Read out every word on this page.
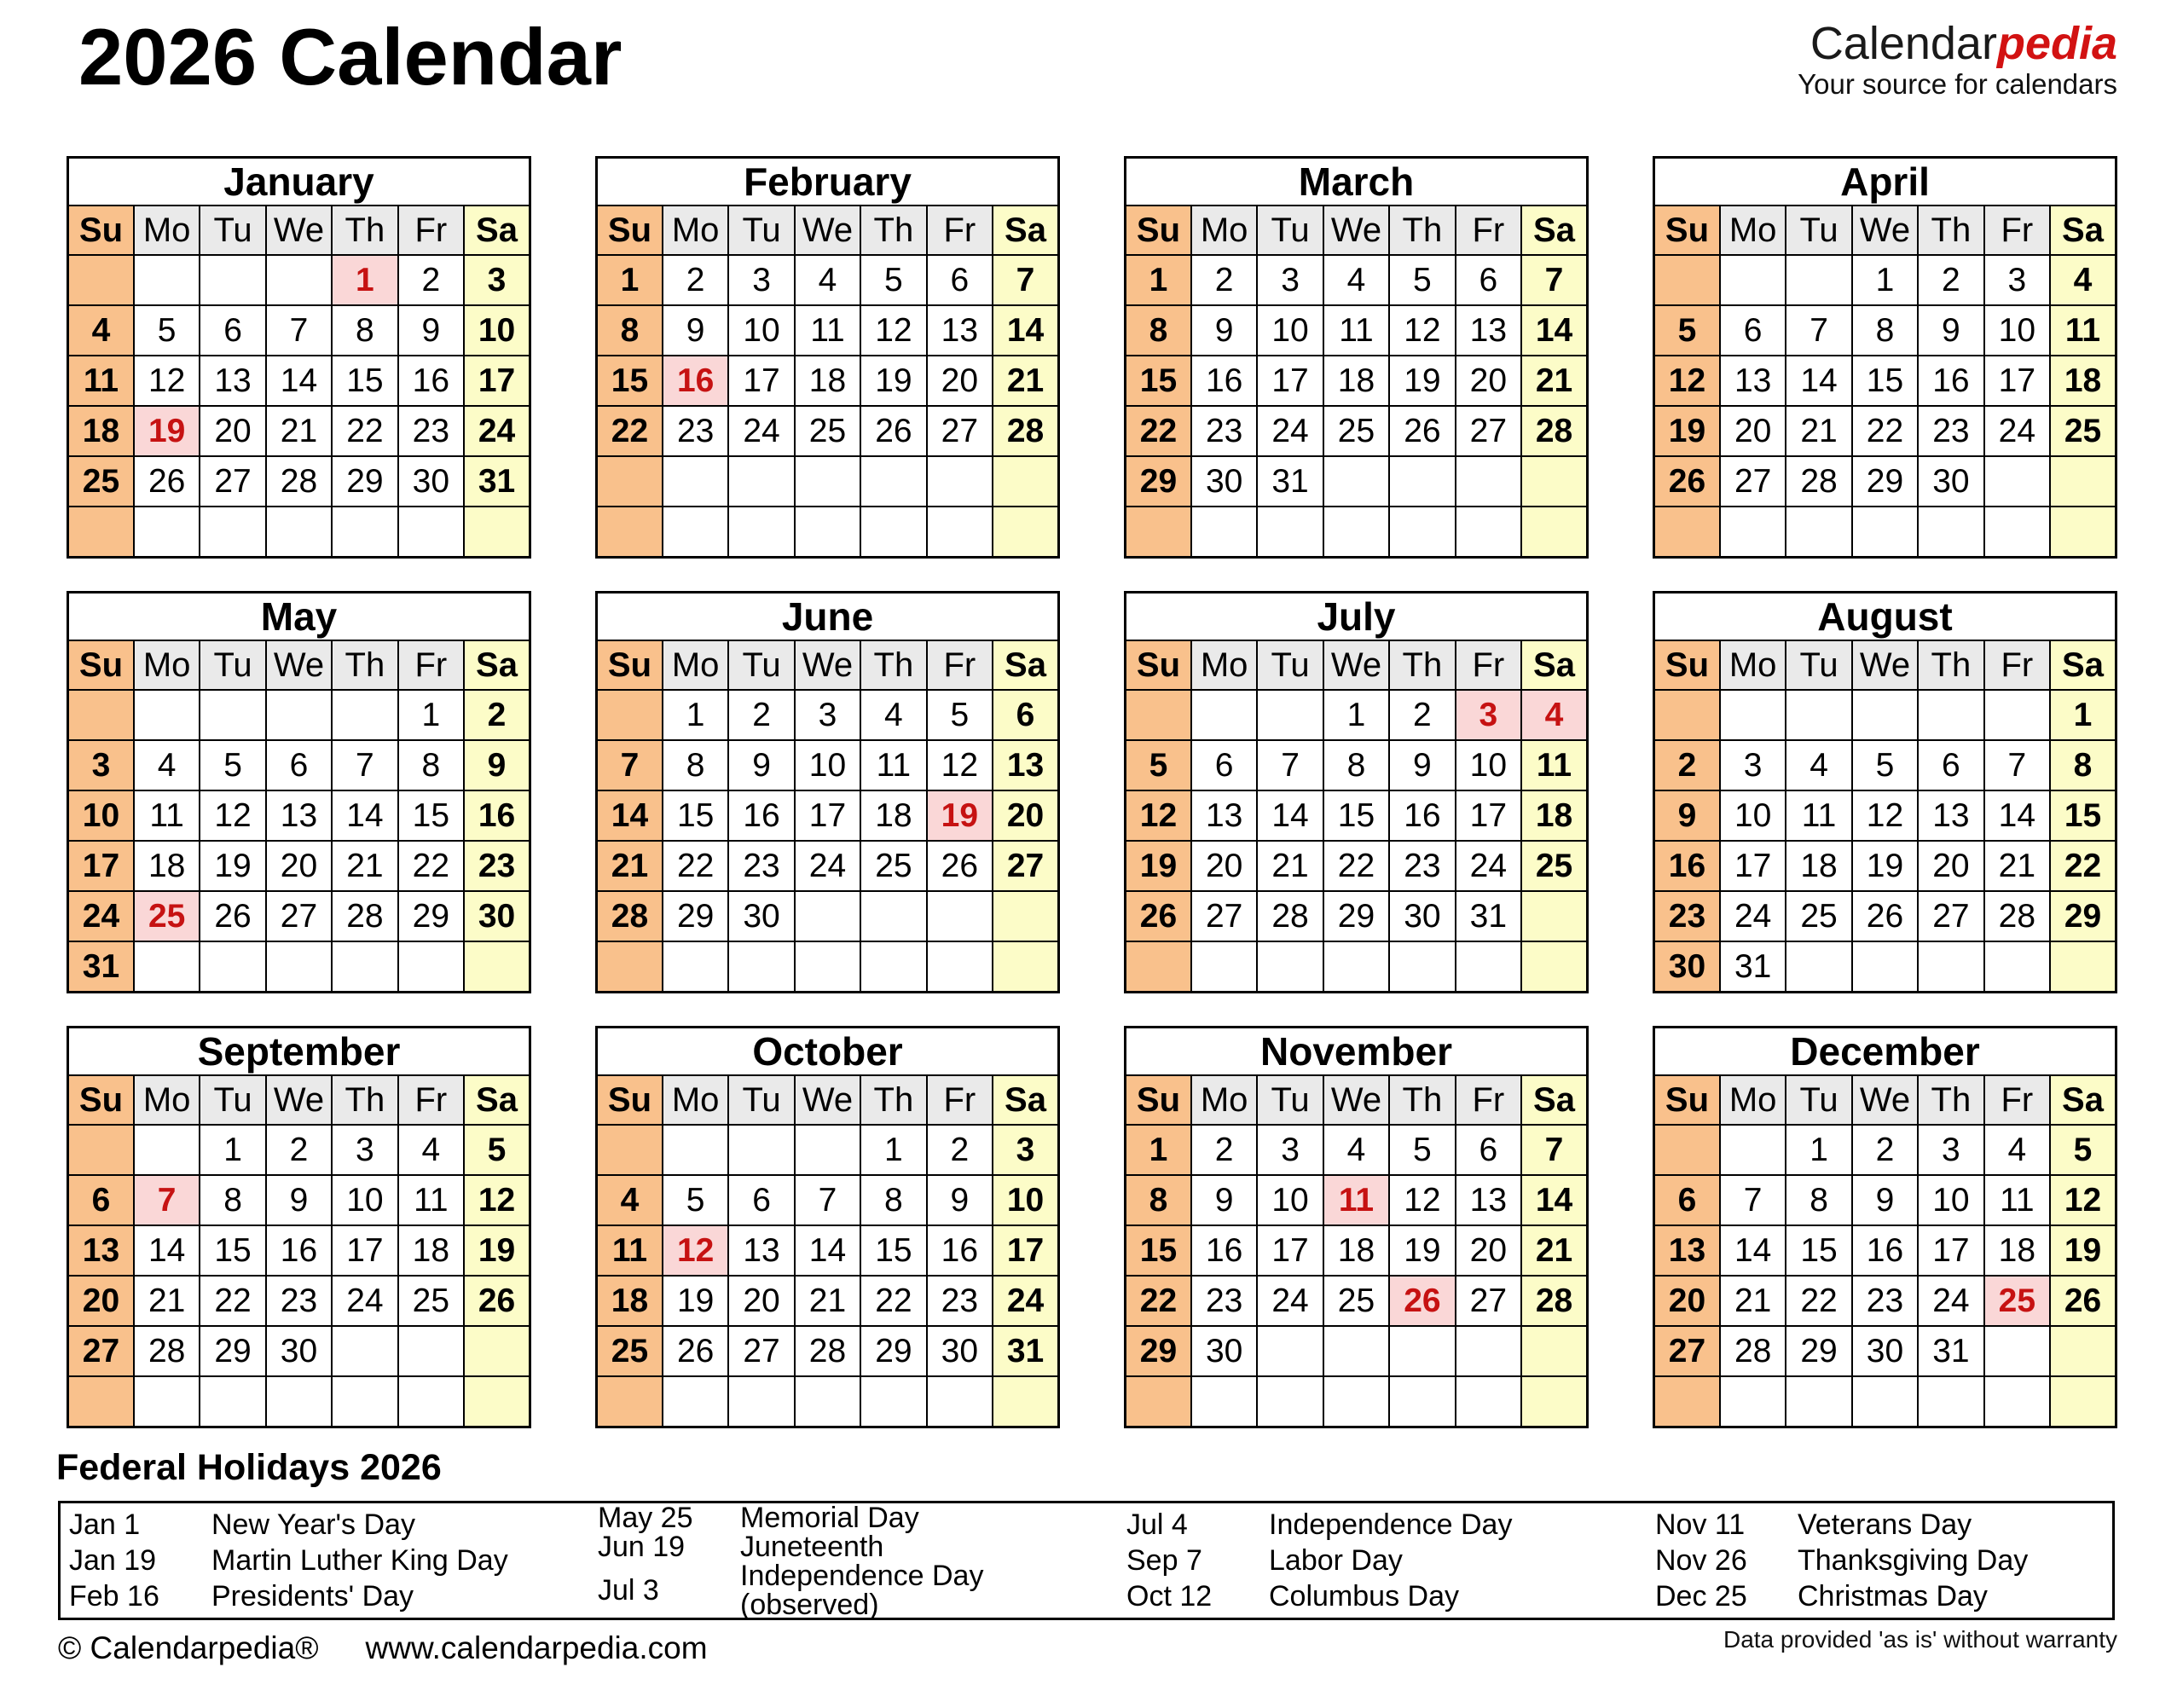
2026 Calendar	Calendarpedia
Your source for calendars
January						
Su	Mo	Tu	We	Th	Fr	Sa
				1	2	3
4	5	6	7	8	9	10
11	12	13	14	15	16	17
18	19	20	21	22	23	24
25	26	27	28	29	30	31

February						
Su	Mo	Tu	We	Th	Fr	Sa
1	2	3	4	5	6	7
8	9	10	11	12	13	14
15	16	17	18	19	20	21
22	23	24	25	26	27	28

March						
Su	Mo	Tu	We	Th	Fr	Sa
1	2	3	4	5	6	7
8	9	10	11	12	13	14
15	16	17	18	19	20	21
22	23	24	25	26	27	28
29	30	31				

April						
Su	Mo	Tu	We	Th	Fr	Sa
			1	2	3	4
5	6	7	8	9	10	11
12	13	14	15	16	17	18
19	20	21	22	23	24	25
26	27	28	29	30		

May						
Su	Mo	Tu	We	Th	Fr	Sa
					1	2
3	4	5	6	7	8	9
10	11	12	13	14	15	16
17	18	19	20	21	22	23
24	25	26	27	28	29	30
31						
June						
Su	Mo	Tu	We	Th	Fr	Sa
	1	2	3	4	5	6
7	8	9	10	11	12	13
14	15	16	17	18	19	20
21	22	23	24	25	26	27
28	29	30				

July						
Su	Mo	Tu	We	Th	Fr	Sa
			1	2	3	4
5	6	7	8	9	10	11
12	13	14	15	16	17	18
19	20	21	22	23	24	25
26	27	28	29	30	31	

August						
Su	Mo	Tu	We	Th	Fr	Sa
						1
2	3	4	5	6	7	8
9	10	11	12	13	14	15
16	17	18	19	20	21	22
23	24	25	26	27	28	29
30	31					
September						
Su	Mo	Tu	We	Th	Fr	Sa
		1	2	3	4	5
6	7	8	9	10	11	12
13	14	15	16	17	18	19
20	21	22	23	24	25	26
27	28	29	30			

October						
Su	Mo	Tu	We	Th	Fr	Sa
				1	2	3
4	5	6	7	8	9	10
11	12	13	14	15	16	17
18	19	20	21	22	23	24
25	26	27	28	29	30	31

November						
Su	Mo	Tu	We	Th	Fr	Sa
1	2	3	4	5	6	7
8	9	10	11	12	13	14
15	16	17	18	19	20	21
22	23	24	25	26	27	28
29	30					

December						
Su	Mo	Tu	We	Th	Fr	Sa
		1	2	3	4	5
6	7	8	9	10	11	12
13	14	15	16	17	18	19
20	21	22	23	24	25	26
27	28	29	30	31		

Federal Holidays 2026
Jan 1	New Year's Day
Jan 19	Martin Luther King Day
Feb 16	Presidents' Day
May 25	Memorial Day
Jun 19	Juneteenth
Jul 3	Independence Day (observed)
Jul 4	Independence Day
Sep 7	Labor Day
Oct 12	Columbus Day
Nov 11	Veterans Day
Nov 26	Thanksgiving Day
Dec 25	Christmas Day
© Calendarpedia® www.calendarpedia.com	Data provided 'as is' without warranty
